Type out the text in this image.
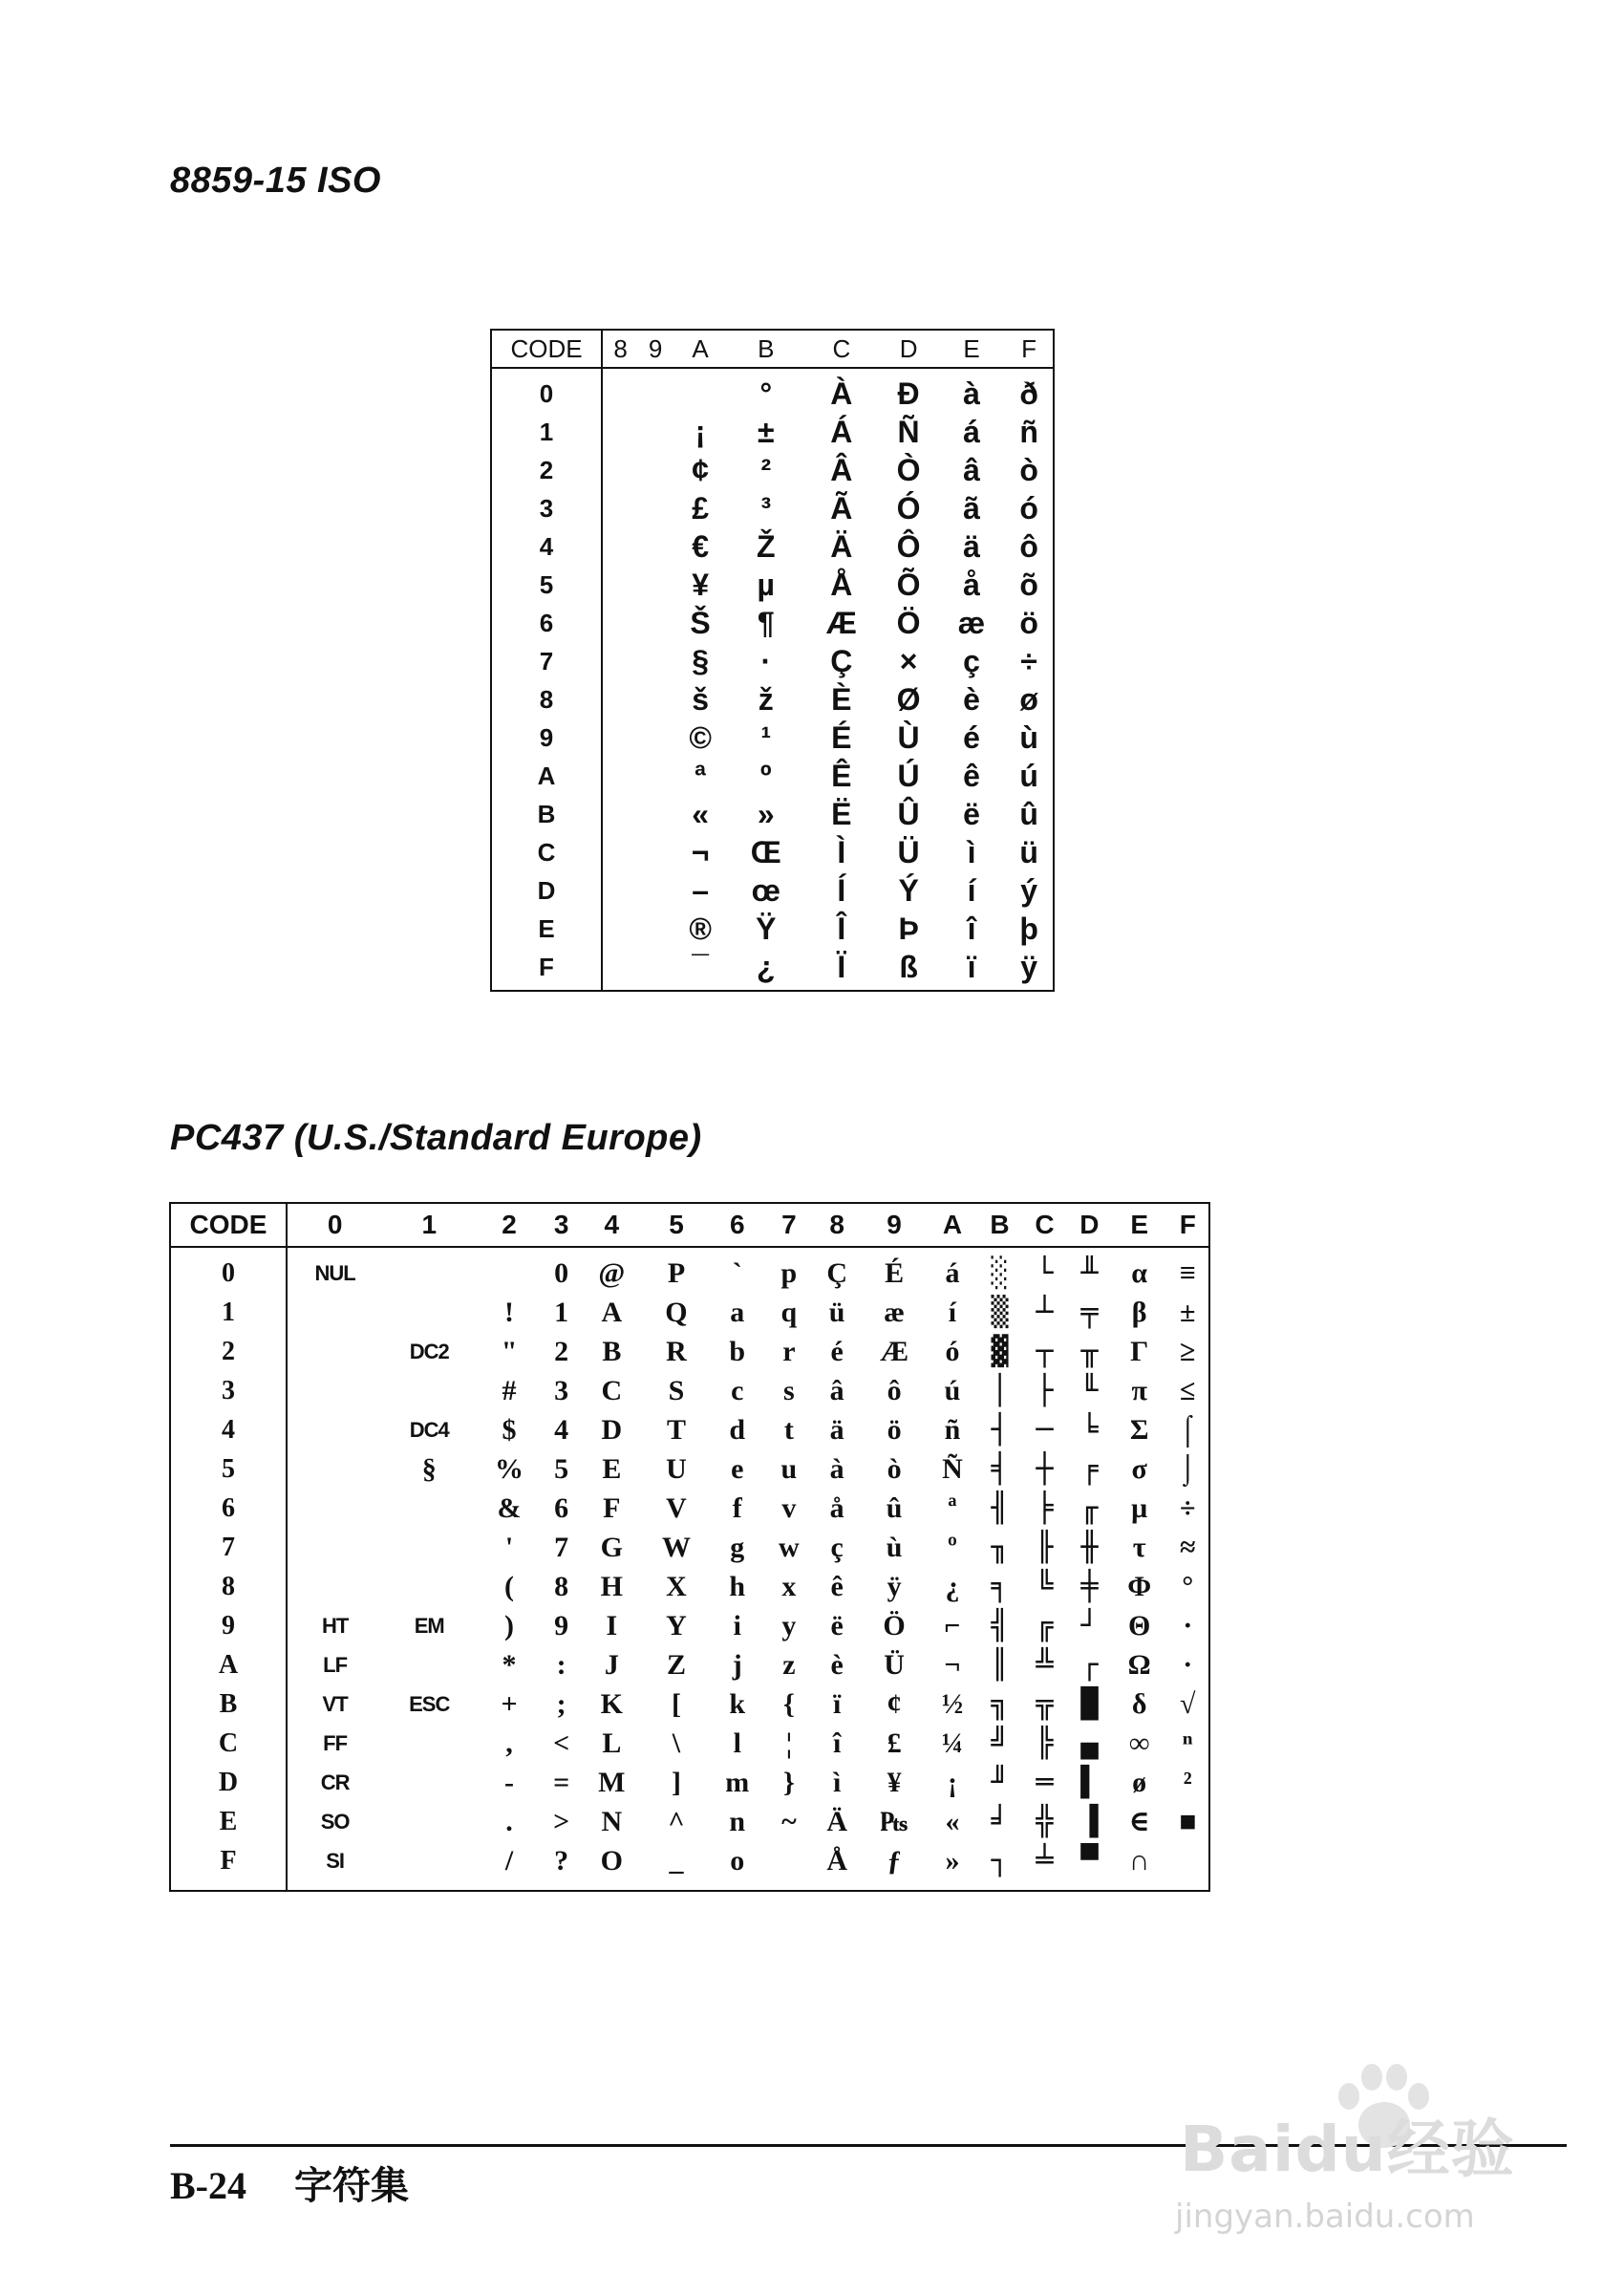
8859-15 ISO
CODE	8	9	A	B	C	D	E	F
0				°	À	Đ	à	ð
1			¡	±	Á	Ñ	á	ñ
2			¢	²	Â	Ò	â	ò
3			£	³	Ã	Ó	ã	ó
4			€	Ž	Ä	Ô	ä	ô
5			¥	µ	Å	Õ	å	õ
6			Š	¶	Æ	Ö	æ	ö
7			§	·	Ç	×	ç	÷
8			š	ž	È	Ø	è	ø
9			©	¹	É	Ù	é	ù
A			ª	º	Ê	Ú	ê	ú
B			«	»	Ë	Û	ë	û
C			¬	Œ	Ì	Ü	ì	ü
D			–	œ	Í	Ý	í	ý
E			®	Ÿ	Î	Þ	î	þ
F			¯	¿	Ï	ß	ï	ÿ
PC437 (U.S./Standard Europe)
CODE	0	1	2	3	4	5	6	7	8	9	A	B	C	D	E	F
0	NUL			0	@	P	`	p	Ç	É	á	░	└	╨	α	≡
1			!	1	A	Q	a	q	ü	æ	í	▒	┴	╤	β	±
2		DC2	"	2	B	R	b	r	é	Æ	ó	▓	┬	╥	Γ	≥
3			#	3	C	S	c	s	â	ô	ú	│	├	╙	π	≤
4		DC4	$	4	D	T	d	t	ä	ö	ñ	┤	─	╘	Σ	⌠
5		§	%	5	E	U	e	u	à	ò	Ñ	╡	┼	╒	σ	⌡
6			&	6	F	V	f	v	å	û	ª	╢	╞	╓	µ	÷
7			'	7	G	W	g	w	ç	ù	º	╖	╟	╫	τ	≈
8			(	8	H	X	h	x	ê	ÿ	¿	╕	╚	╪	Φ	°
9	HT	EM	)	9	I	Y	i	y	ë	Ö	⌐	╣	╔	┘	Θ	∙
A	LF		*	:	J	Z	j	z	è	Ü	¬	║	╩	┌	Ω	·
B	VT	ESC	+	;	K	[	k	{	ï	¢	½	╗	╦	█	δ	√
C	FF		,	<	L	\	l	¦	î	£	¼	╝	╠	▄	∞	ⁿ
D	CR		-	=	M	]	m	}	ì	¥	¡	╜	═	▌	ø	²
E	SO		.	>	N	^	n	~	Ä	₧	«	╛	╬	▐	∈	■
F	SI		/	?	O	_	o		Å	ƒ	»	┐	╧	▀	∩	
B-24 字符集	Baidu经验
jingyan.baidu.com
